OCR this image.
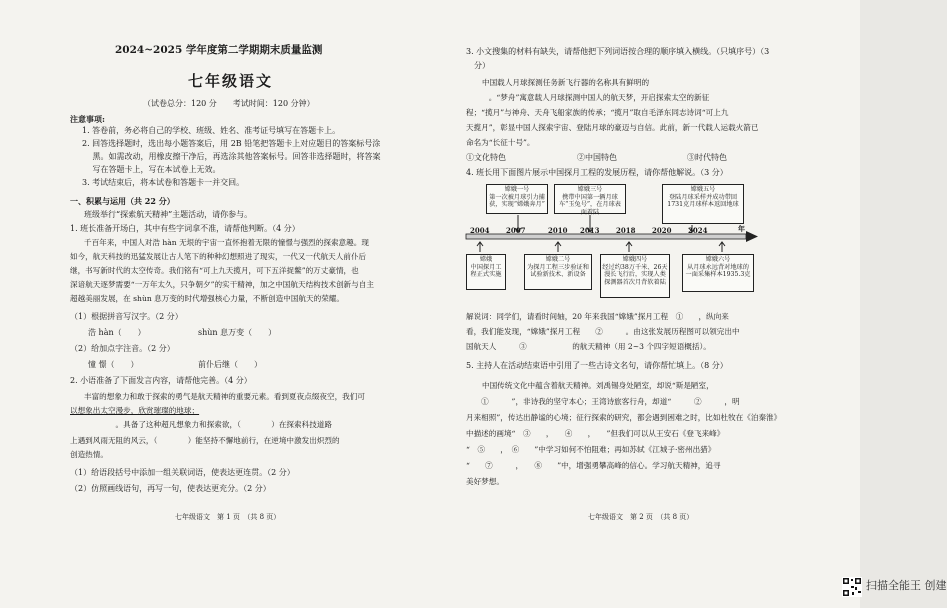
2024~2025 学年度第二学期期末质量监测
七年级语文
（试卷总分：120 分　　考试时间：120 分钟）
注意事项:
1. 答卷前，务必将自己的学校、班级、姓名、准考证号填写在答题卡上。
2. 回答选择题时，选出每小题答案后，用 2B 铅笔把答题卡上对应题目的答案标号涂
　 黑。如需改动，用橡皮擦干净后，再选涂其他答案标号。回答非选择题时，将答案
　 写在答题卡上，写在本试卷上无效。
3. 考试结束后，将本试卷和答题卡一并交回。
一、积累与运用（共 22 分）
班级举行“探索航天精神”主题活动，请你参与。
1. 班长准备开场白，其中有些字词拿不准，请帮他判断。（4 分）
千百年来，中国人对浩 hàn 无垠的宇宙一直怀抱着无限的憧憬与强烈的探索意趣。现
如今，航天科技的迅猛发展让古人笔下的种种幻想照进了现实，一代又一代航天人前仆后
继，书写新时代的太空传奇。我们铭有“可上九天揽月，可下五洋捉鳖”的万丈豪情，也
深谙航天逐梦需要“一万年太久，只争朝夕”的实干精神，加之中国航天结构技术创新与自主
超越美丽发展，在 shùn 息万变的时代增强核心力量，不断创造中国航天的荣耀。
（1）根据拼音写汉字。（2 分）
浩 hàn（　　）	shùn 息万变（　　）
（2）给加点字注音。（2 分）
憧 憬（　　）	前仆后继（　　）
2. 小语准备了下面发言内容，请帮他完善。（4 分）
丰富的想象力和敢于探索的勇气是航天精神的重要元素。看到夏夜点缀夜空，我们可
以想象出太空漫步，欣赏璀璨的地球；
　　　　　　。具备了这种超凡想象力和探索欲，（　　　　）在探索科技道路
上遇到风雨无阻的风云，（　　　　）能坚持不懈地前行，在逆境中激发出炽烈的
创造热情。
（1）给语段括号中添加一组关联词语，使表达更连贯。（2 分）
（2）仿照画线语句，再写一句，使表达更充分。（2 分）
七年级语文　第 1 页　（共 8 页）
3. 小文搜集的材料有缺失，请帮他把下列词语按合理的顺序填入横线。（只填序号）（3
分）
中国载人月球探测任务新飞行器的名称具有鲜明的
　　　。“梦舟”寓意载人月球探测中国人的航天梦，开启探索太空的新征
程；“揽月”与神舟、天舟飞船家族的传承；“揽月”取自毛泽东同志诗词“可上九
天揽月”，彰显中国人探索宇宙、登陆月球的豪迈与自信。此前，新一代载人运载火箭已
命名为“长征十号”。
①文化特色	②中国特色	③时代特色
4. 班长用下面图片展示中国探月工程的发展历程，请你帮他解说。（3 分）
嫦娥一号
第一次被月球引力捕获，实现“嫦娥奔月”
嫦娥三号
携带中国第一辆月球车“玉兔号”，在月球表面着陆
嫦娥五号
登陆月球采样并成功带回1731克月球样本返回地球
2004 2007	2010 2013 2018 2020 2024	年
嫦娥
中国探月工程正式实施
嫦娥二号
为探月工程三步验证和试验新技术、新设备
嫦娥四号
经过约38万千米、26天漫长飞行后，实现人类探测器首次月背软着陆
嫦娥六号
从月球永远背对地球的一面采集样本1935.3克
解说词：同学们，请看时间轴，20 年来我国“嫦娥”探月工程　①　　，纵向来
看，我们能发现，“嫦娥”探月工程　　②　　　。由这张发展历程图可以领完出中
国航天人　　　③　　　　　　的航天精神（用 2~3 个四字短语概括）。
5. 主持人在活动结束语中引用了一些古诗文名句，请你帮忙填上。（8 分）
中国传统文化中蕴含着航天精神。刘禹锡身处陋室，却说“斯是陋室，
　　①　　　”，非诗我的坚守本心；王湾诗旅客行舟，却道“　　　②　　　，明
月来相照”，传达出静谧的心境；征行探索的研究，都会遇到困难之时，比如杜牧在《泊秦淮》
中描述的画境“　③　　，　　④　　，　　”但我们可以从王安石《登飞来峰》
“　⑤　　，　⑥　　”中学习如何不怕阻难；再如苏轼《江城子·密州出猎》
“　　⑦　　　，　　⑧　　”中，增强勇攀高峰的信心。学习航天精神，追寻
美好梦想。
七年级语文　第 2 页　（共 8 页）
扫描全能王 创建
